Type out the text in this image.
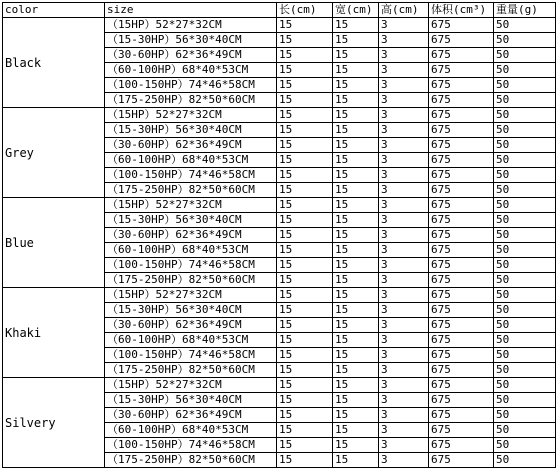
color	size	长(cm)	宽(cm)	高(cm)	体积(cm³)	重量(g)
Black	（15HP）52*27*32CM	15	15	3	675	50
	（15-30HP）56*30*40CM	15	15	3	675	50
	（30-60HP）62*36*49CM	15	15	3	675	50
	（60-100HP）68*40*53CM	15	15	3	675	50
	（100-150HP）74*46*58CM	15	15	3	675	50
	（175-250HP）82*50*60CM	15	15	3	675	50
Grey	（15HP）52*27*32CM	15	15	3	675	50
	（15-30HP）56*30*40CM	15	15	3	675	50
	（30-60HP）62*36*49CM	15	15	3	675	50
	（60-100HP）68*40*53CM	15	15	3	675	50
	（100-150HP）74*46*58CM	15	15	3	675	50
	（175-250HP）82*50*60CM	15	15	3	675	50
Blue	（15HP）52*27*32CM	15	15	3	675	50
	（15-30HP）56*30*40CM	15	15	3	675	50
	（30-60HP）62*36*49CM	15	15	3	675	50
	（60-100HP）68*40*53CM	15	15	3	675	50
	（100-150HP）74*46*58CM	15	15	3	675	50
	（175-250HP）82*50*60CM	15	15	3	675	50
Khaki	（15HP）52*27*32CM	15	15	3	675	50
	（15-30HP）56*30*40CM	15	15	3	675	50
	（30-60HP）62*36*49CM	15	15	3	675	50
	（60-100HP）68*40*53CM	15	15	3	675	50
	（100-150HP）74*46*58CM	15	15	3	675	50
	（175-250HP）82*50*60CM	15	15	3	675	50
Silvery	（15HP）52*27*32CM	15	15	3	675	50
	（15-30HP）56*30*40CM	15	15	3	675	50
	（30-60HP）62*36*49CM	15	15	3	675	50
	（60-100HP）68*40*53CM	15	15	3	675	50
	（100-150HP）74*46*58CM	15	15	3	675	50
	（175-250HP）82*50*60CM	15	15	3	675	50
